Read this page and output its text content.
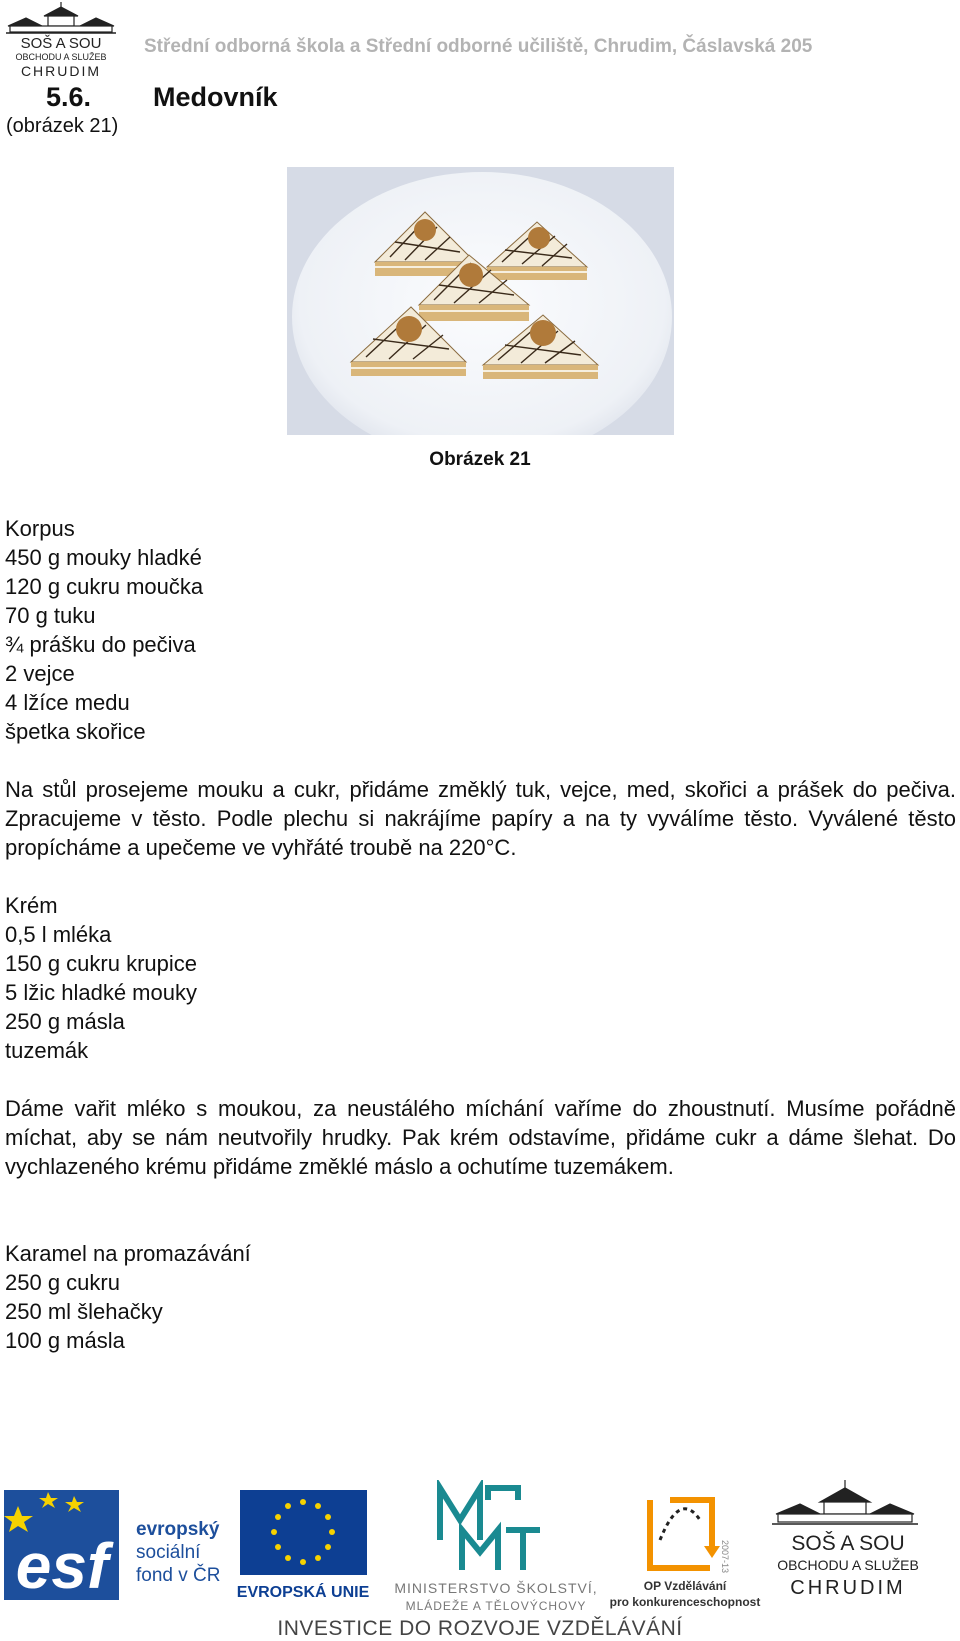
SOŠ A SOU
OBCHODU A SLUŽEB
CHRUDIM
Střední odborná škola a Střední odborné učiliště, Chrudim, Čáslavská 205
5.6. Medovník
(obrázek 21)
Obrázek 21
Korpus
450 g mouky hladké
120 g cukru moučka
70 g tuku
¾ prášku do pečiva
2 vejce
4 lžíce medu
špetka skořice
Na stůl prosejeme mouku a cukr, přidáme změklý tuk, vejce, med, skořici a prášek do pečiva. Zpracujeme v těsto. Podle plechu si nakrájíme papíry a na ty vyválíme těsto. Vyválené těsto propícháme a upečeme ve vyhřáté troubě na 220°C.
Krém
0,5 l mléka
150 g cukru krupice
5 lžic hladké mouky
250 g másla
tuzemák
Dáme vařit mléko s moukou, za neustálého míchání vaříme do zhoustnutí. Musíme pořádně míchat, aby se nám neutvořily hrudky. Pak krém odstavíme, přidáme cukr a dáme šlehat. Do vychlazeného krému přidáme změklé máslo a ochutíme tuzemákem.
Karamel na promazávání
250 g cukru
250 ml šlehačky
100 g másla
esf
evropský
sociální
fond v ČR
EVROPSKÁ UNIE MINISTERSTVO ŠKOLSTVÍ,
MLÁDEŽE A TĚLOVÝCHOVY
2007-13
OP Vzdělávání
pro konkurenceschopnost
SOŠ A SOU
OBCHODU A SLUŽEB
CHRUDIM
INVESTICE DO ROZVOJE VZDĚLÁVÁNÍ
